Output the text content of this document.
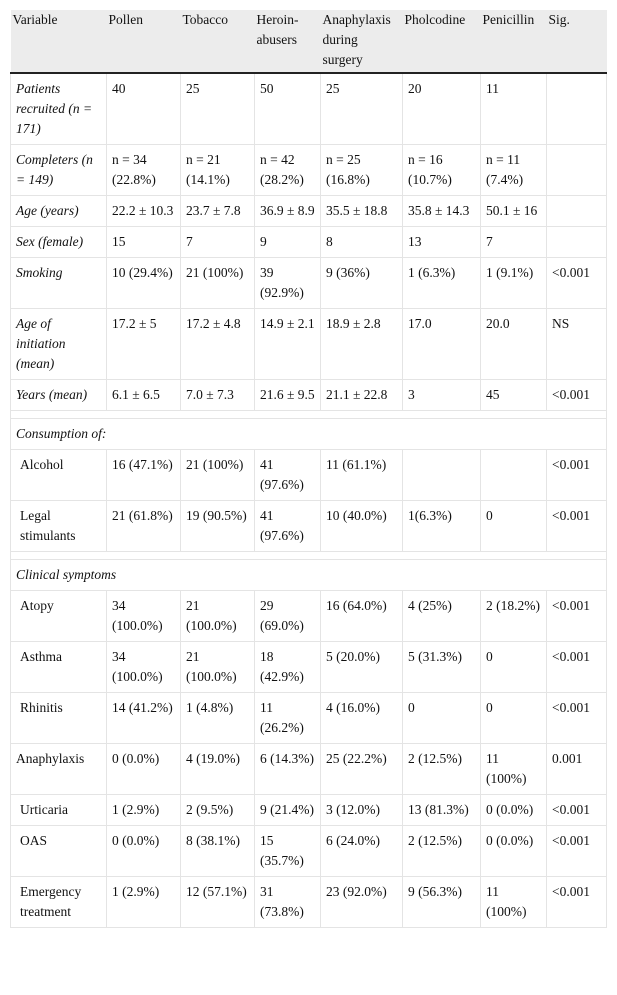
Variable	Pollen	Tobacco	Heroin-abusers	Anaphylaxis during surgery	Pholcodine	Penicillin	Sig.
Patients recruited (n = 171)	40	25	50	25	20	11	
Completers (n = 149)	n = 34 (22.8%)	n = 21 (14.1%)	n = 42 (28.2%)	n = 25 (16.8%)	n = 16 (10.7%)	n = 11 (7.4%)	
Age (years)	22.2 ± 10.3	23.7 ± 7.8	36.9 ± 8.9	35.5 ± 18.8	35.8 ± 14.3	50.1 ± 16	
Sex (female)	15	7	9	8	13	7	
Smoking	10 (29.4%)	21 (100%)	39 (92.9%)	9 (36%)	1 (6.3%)	1 (9.1%)	<0.001
Age of initiation (mean)	17.2 ± 5	17.2 ± 4.8	14.9 ± 2.1	18.9 ± 2.8	17.0	20.0	NS
Years (mean)	6.1 ± 6.5	7.0 ± 7.3	21.6 ± 9.5	21.1 ± 22.8	3	45	<0.001

Consumption of:							
Alcohol	16 (47.1%)	21 (100%)	41 (97.6%)	11 (61.1%)			<0.001
Legal stimulants	21 (61.8%)	19 (90.5%)	41 (97.6%)	10 (40.0%)	1(6.3%)	0	<0.001

Clinical symptoms							
Atopy	34 (100.0%)	21 (100.0%)	29 (69.0%)	16 (64.0%)	4 (25%)	2 (18.2%)	<0.001
Asthma	34 (100.0%)	21 (100.0%)	18 (42.9%)	5 (20.0%)	5 (31.3%)	0	<0.001
Rhinitis	14 (41.2%)	1 (4.8%)	11 (26.2%)	4 (16.0%)	0	0	<0.001
Anaphylaxis	0 (0.0%)	4 (19.0%)	6 (14.3%)	25 (22.2%)	2 (12.5%)	11 (100%)	0.001
Urticaria	1 (2.9%)	2 (9.5%)	9 (21.4%)	3 (12.0%)	13 (81.3%)	0 (0.0%)	<0.001
OAS	0 (0.0%)	8 (38.1%)	15 (35.7%)	6 (24.0%)	2 (12.5%)	0 (0.0%)	<0.001
Emergency treatment	1 (2.9%)	12 (57.1%)	31 (73.8%)	23 (92.0%)	9 (56.3%)	11 (100%)	<0.001
